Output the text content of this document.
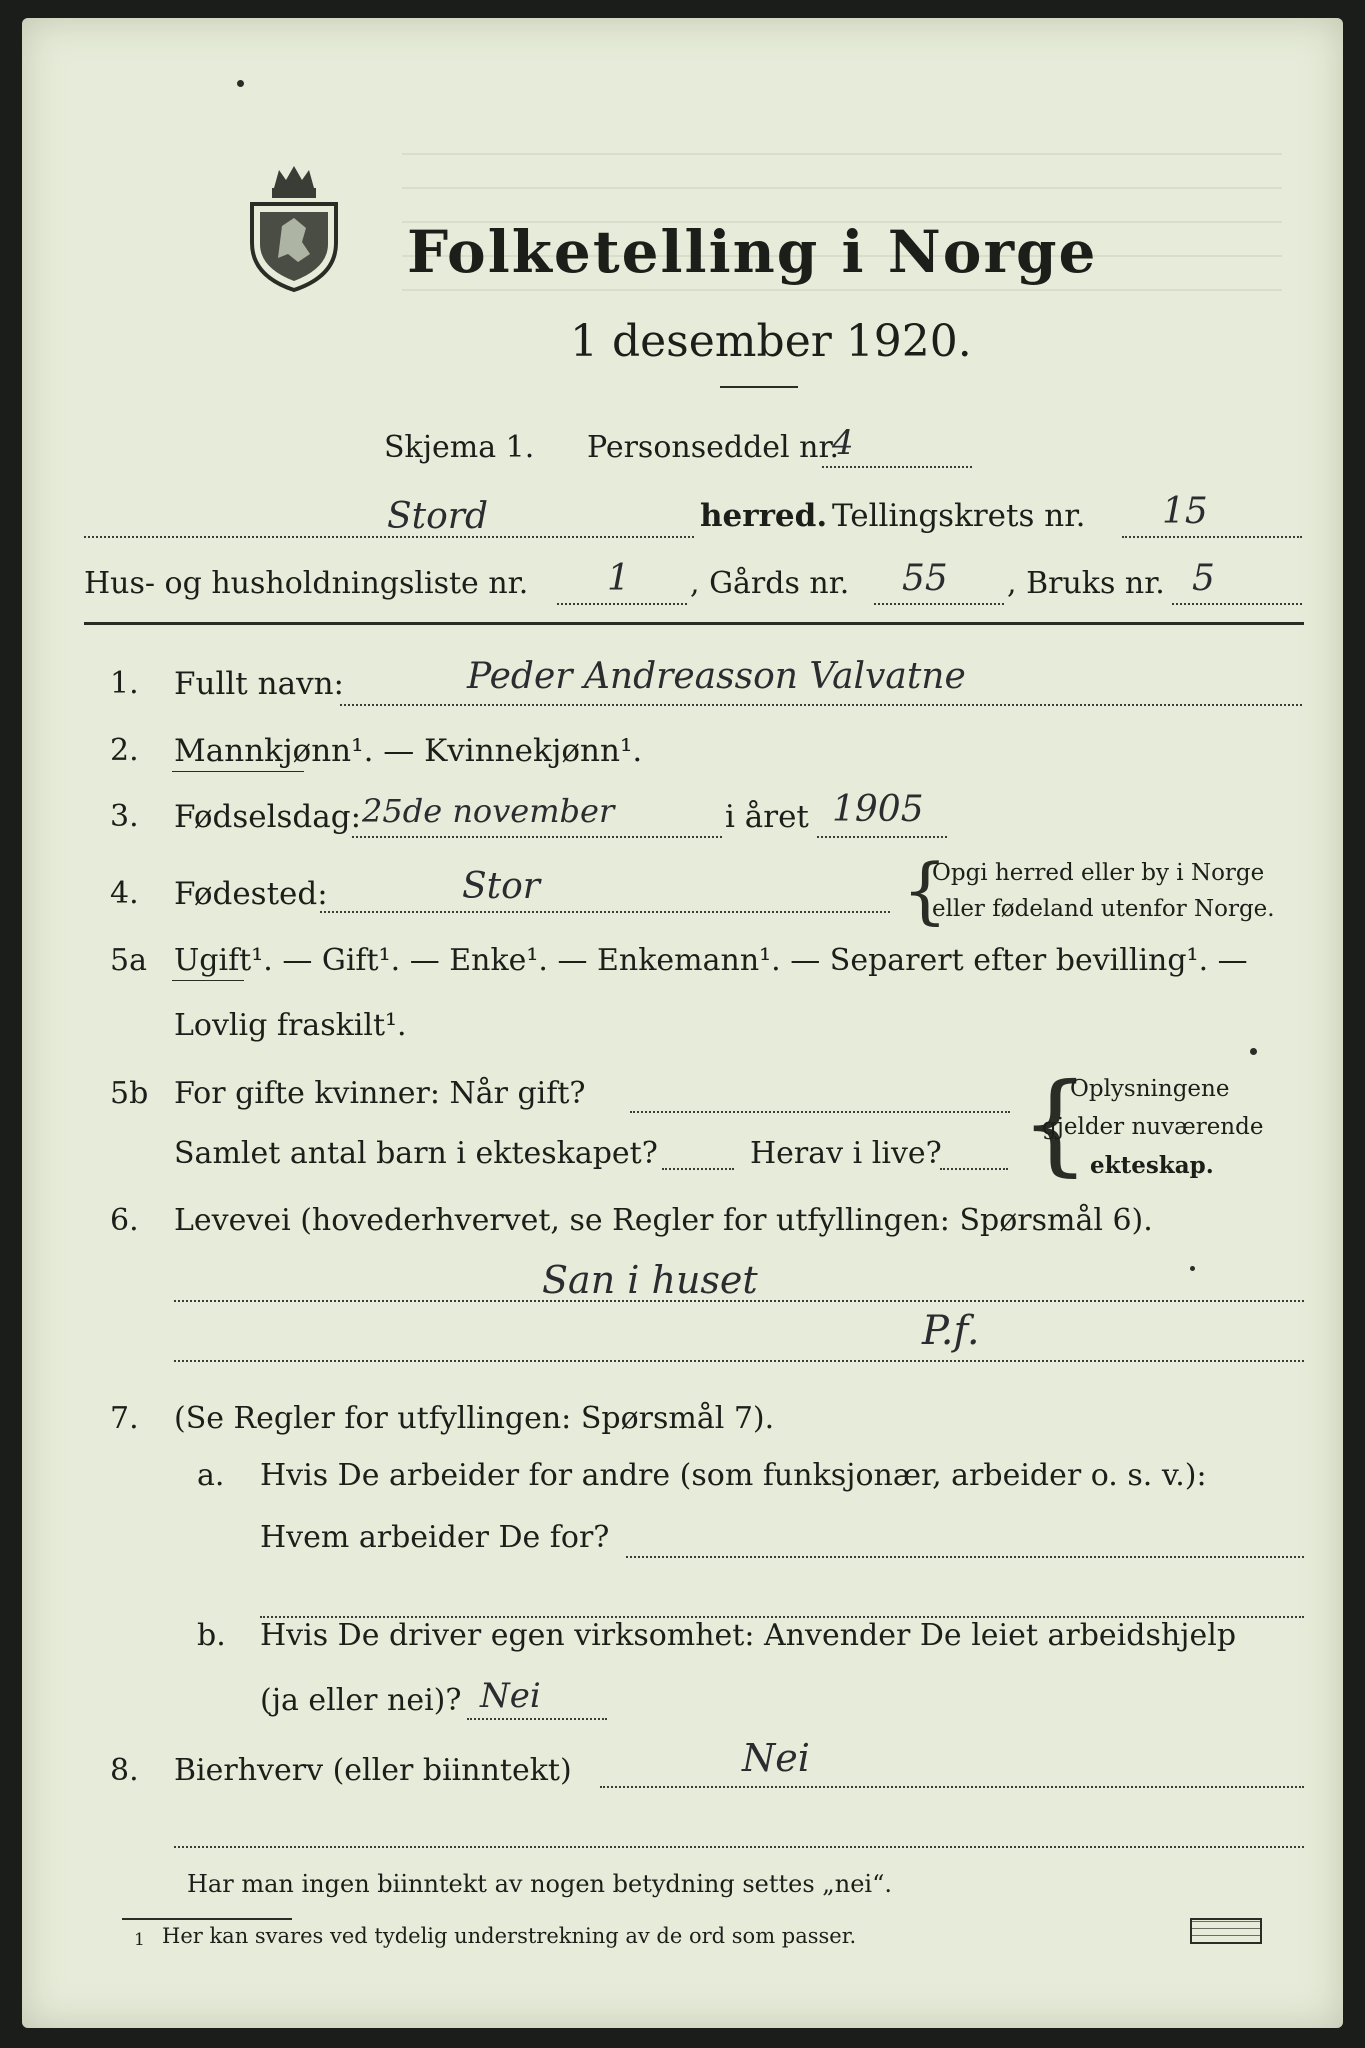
Folketelling i Norge
1 desember 1920.
Skjema 1. Personseddel nr.
4
Stord	herred. Tellingskrets nr. 15
Hus- og husholdningsliste nr. 1 , Gårds nr. 55 , Bruks nr. 5
1. Fullt navn:	Peder Andreasson Valvatne
2. Mannkjønn¹. — Kvinnekjønn¹.
3. Fødselsdag: 25de november	i året 1905
4. Fødested:	Stor	{
Opgi herred eller by i Norge
eller fødeland utenfor Norge.
5a Ugift¹. — Gift¹. — Enke¹. — Enkemann¹. — Separert efter bevilling¹. —
Lovlig fraskilt¹.
5b For gifte kvinner: Når gift?
Samlet antal barn i ekteskapet?	Herav i live? {
Oplysningene
gjelder nuværende
ekteskap.
6. Levevei (hovederhvervet, se Regler for utfyllingen: Spørsmål 6).
San i huset
P.f.
7. (Se Regler for utfyllingen: Spørsmål 7).
a. Hvis De arbeider for andre (som funksjonær, arbeider o. s. v.):
Hvem arbeider De for?
b. Hvis De driver egen virksomhet: Anvender De leiet arbeidshjelp
(ja eller nei)? Nei
8. Bierhverv (eller biinntekt)	Nei
Har man ingen biinntekt av nogen betydning settes „nei“.
1 Her kan svares ved tydelig understrekning av de ord som passer.
